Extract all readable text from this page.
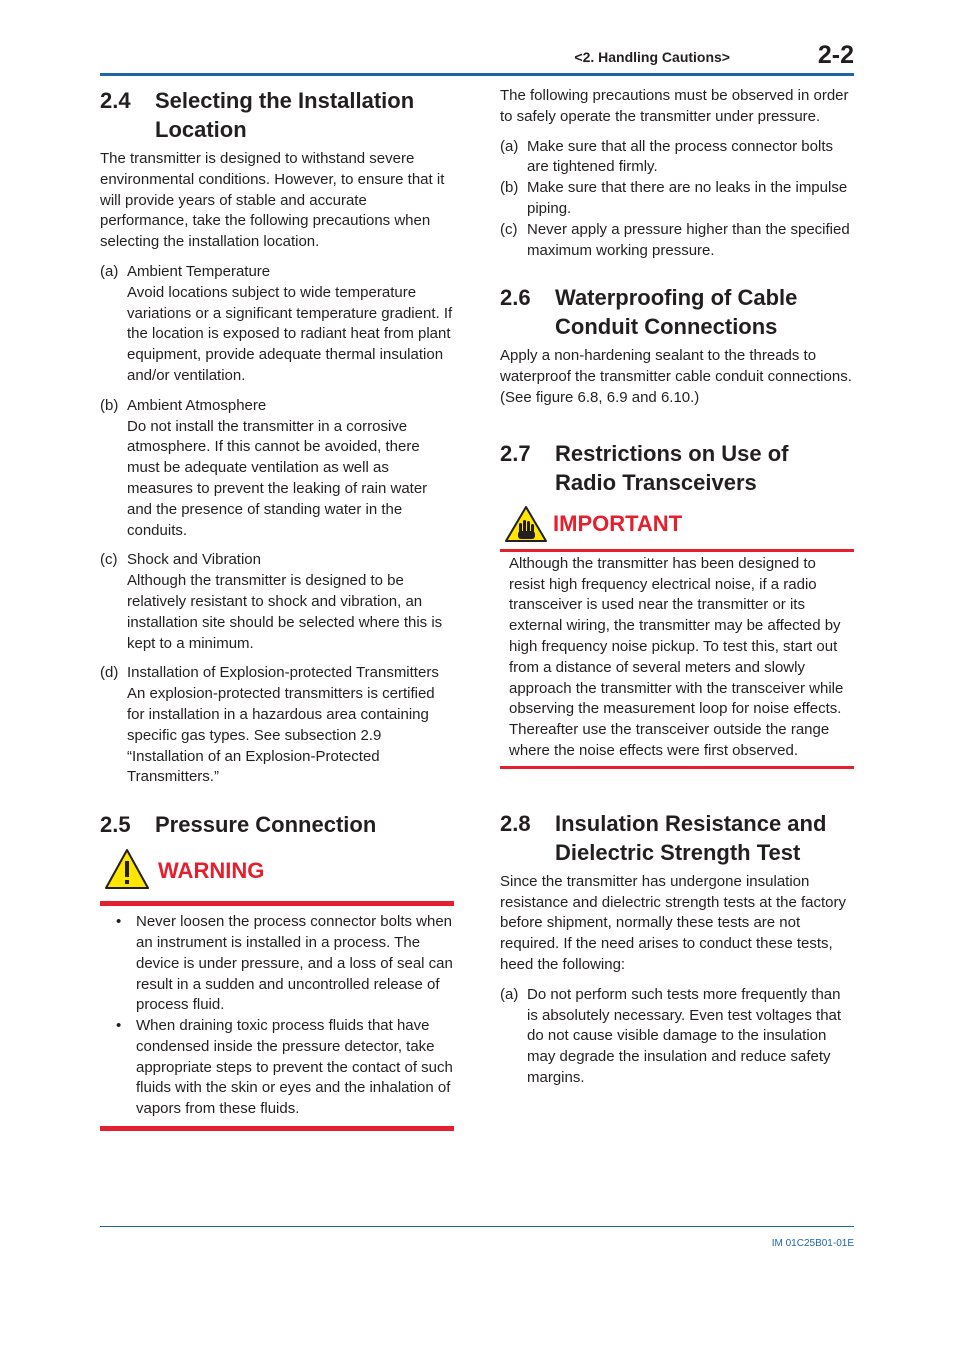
<2. Handling Cautions>	2-2
2.4	Selecting the Installation Location

The transmitter is designed to withstand severe environmental conditions. However, to ensure that it will provide years of stable and accurate performance, take the following precautions when selecting the installation location.

(a) Ambient Temperature
Avoid locations subject to wide temperature variations or a significant temperature gradient. If the location is exposed to radiant heat from plant equipment, provide adequate thermal insulation and/or ventilation.
(b) Ambient Atmosphere
Do not install the transmitter in a corrosive atmosphere. If this cannot be avoided, there must be adequate ventilation as well as measures to prevent the leaking of rain water and the presence of standing water in the conduits.
(c) Shock and Vibration
Although the transmitter is designed to be relatively resistant to shock and vibration, an installation site should be selected where this is kept to a minimum.
(d) Installation of Explosion-protected Transmitters
An explosion-protected transmitters is certified for installation in a hazardous area containing specific gas types. See subsection 2.9 “Installation of an Explosion-Protected Transmitters.”
2.5	Pressure Connection
WARNING
• Never loosen the process connector bolts when an instrument is installed in a process. The device is under pressure, and a loss of seal can result in a sudden and uncontrolled release of process fluid.
• When draining toxic process fluids that have condensed inside the pressure detector, take appropriate steps to prevent the contact of such fluids with the skin or eyes and the inhalation of vapors from these fluids.

The following precautions must be observed in order to safely operate the transmitter under pressure.

(a) Make sure that all the process connector bolts are tightened firmly.
(b) Make sure that there are no leaks in the impulse piping.
(c) Never apply a pressure higher than the specified maximum working pressure.
2.6	Waterproofing of Cable Conduit Connections

Apply a non-hardening sealant to the threads to waterproof the transmitter cable conduit connections. (See figure 6.8, 6.9 and 6.10.)

2.7	Restrictions on Use of Radio Transceivers
IMPORTANT
Although the transmitter has been designed to resist high frequency electrical noise, if a radio transceiver is used near the transmitter or its external wiring, the transmitter may be affected by high frequency noise pickup. To test this, start out from a distance of several meters and slowly approach the transmitter with the transceiver while observing the measurement loop for noise effects. Thereafter use the transceiver outside the range where the noise effects were first observed.
2.8	Insulation Resistance and Dielectric Strength Test

Since the transmitter has undergone insulation resistance and dielectric strength tests at the factory before shipment, normally these tests are not required. If the need arises to conduct these tests, heed the following:

(a) Do not perform such tests more frequently than is absolutely necessary. Even test voltages that do not cause visible damage to the insulation may degrade the insulation and reduce safety margins.
IM 01C25B01-01E
